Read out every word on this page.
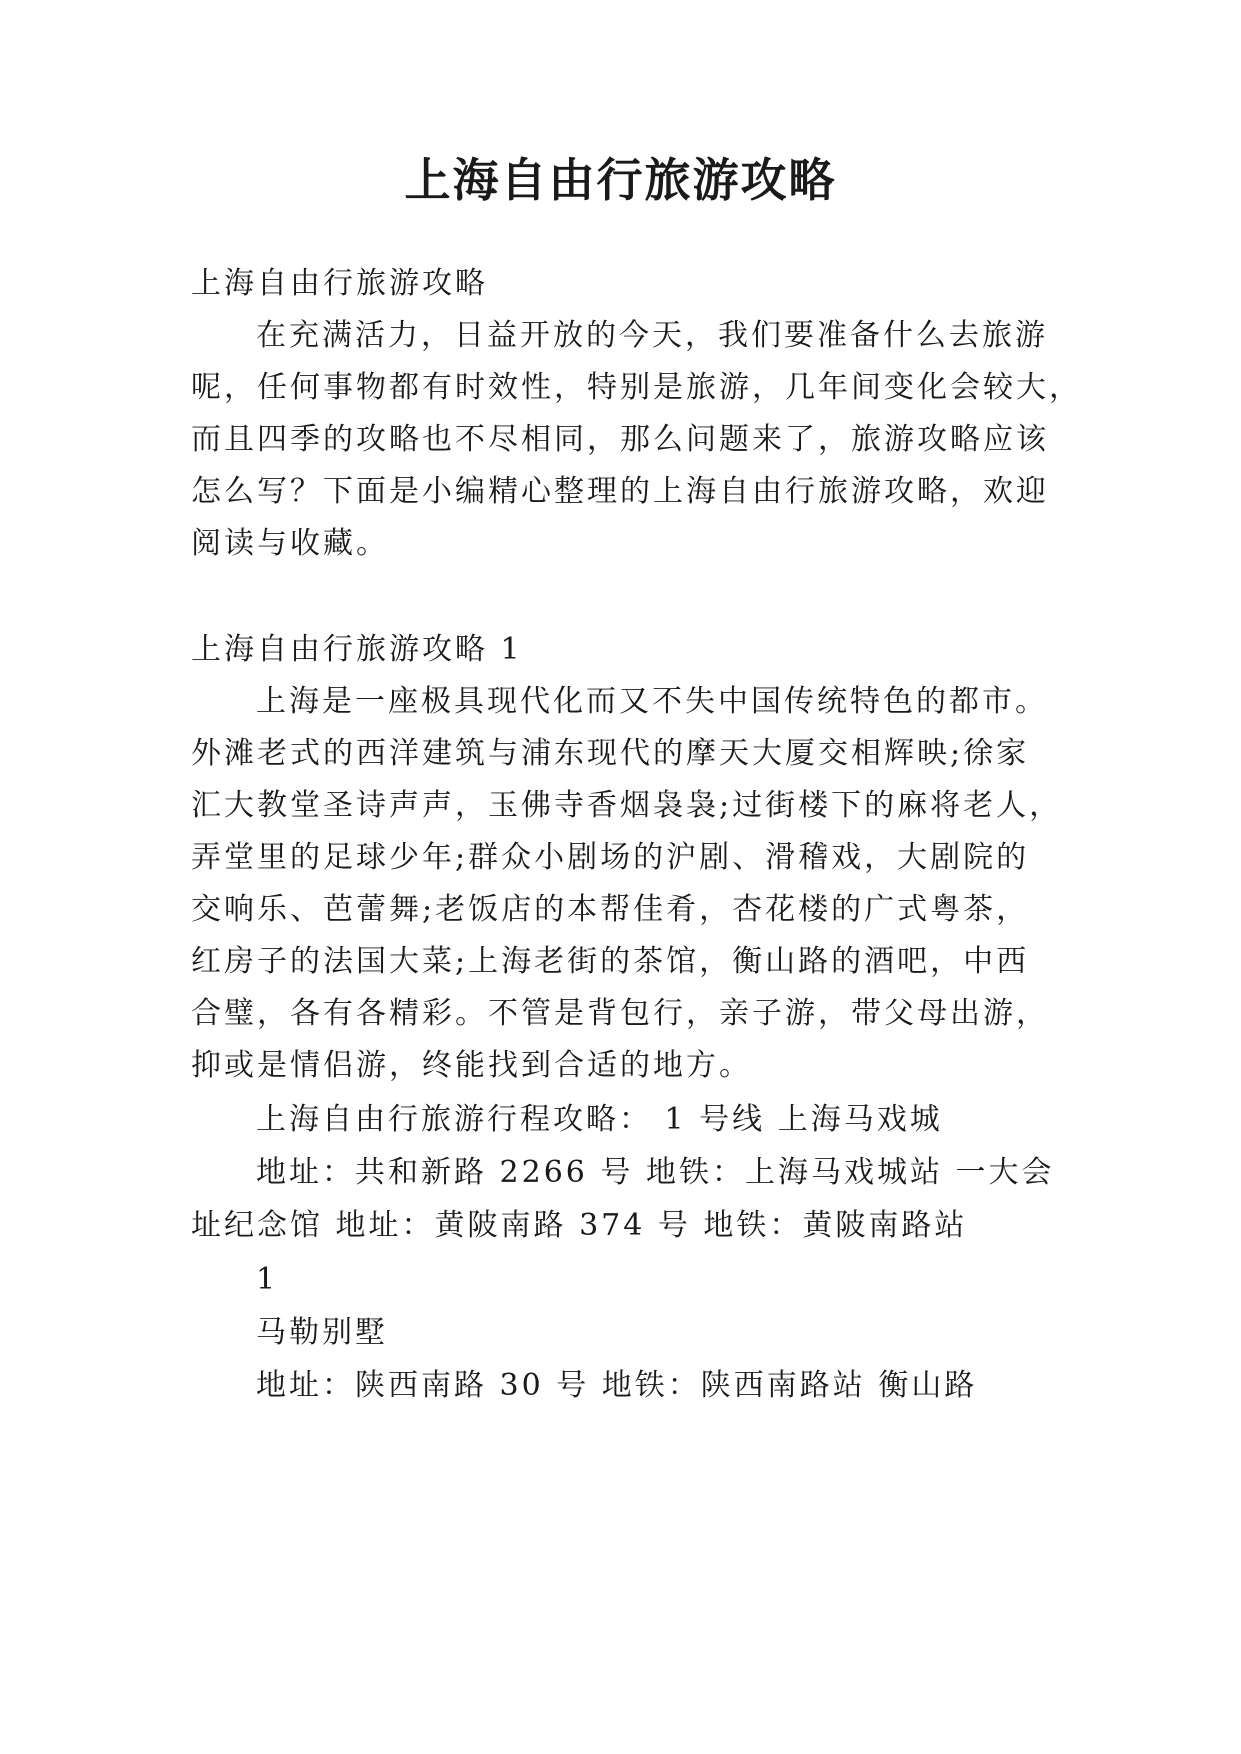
上海自由行旅游攻略
上海自由行旅游攻略
在充满活力，日益开放的今天，我们要准备什么去旅游
呢，任何事物都有时效性，特别是旅游，几年间变化会较大，
而且四季的攻略也不尽相同，那么问题来了，旅游攻略应该
怎么写？下面是小编精心整理的上海自由行旅游攻略，欢迎
阅读与收藏。
上海自由行旅游攻略 1
上海是一座极具现代化而又不失中国传统特色的都市。
外滩老式的西洋建筑与浦东现代的摩天大厦交相辉映;徐家
汇大教堂圣诗声声，玉佛寺香烟袅袅;过街楼下的麻将老人，
弄堂里的足球少年;群众小剧场的沪剧、滑稽戏，大剧院的
交响乐、芭蕾舞;老饭店的本帮佳肴，杏花楼的广式粤茶，
红房子的法国大菜;上海老街的茶馆，衡山路的酒吧，中西
合璧，各有各精彩。不管是背包行，亲子游，带父母出游，
抑或是情侣游，终能找到合适的地方。
上海自由行旅游行程攻略： 1 号线 上海马戏城
地址：共和新路 2266 号 地铁：上海马戏城站 一大会
址纪念馆 地址：黄陂南路 374 号 地铁：黄陂南路站
1
马勒别墅
地址：陕西南路 30 号 地铁：陕西南路站 衡山路
